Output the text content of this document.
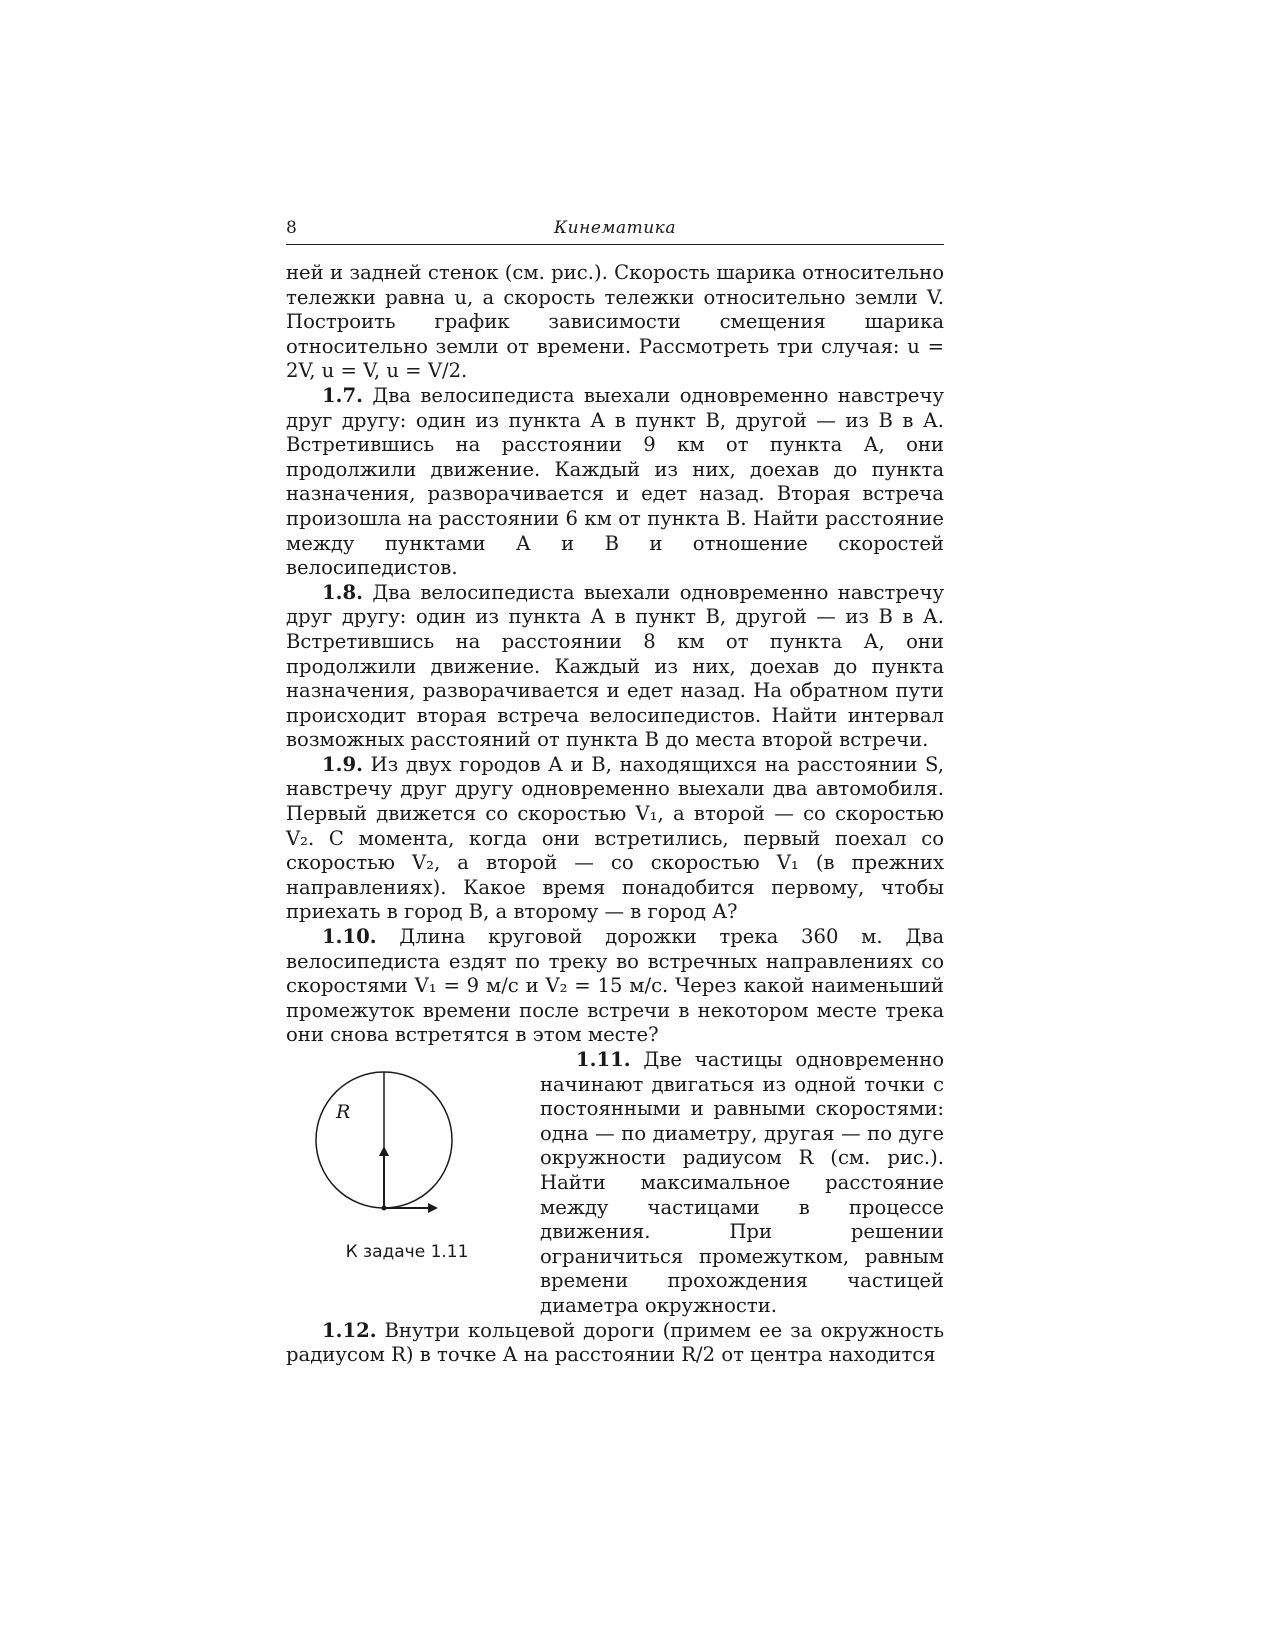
8	Кинематика

ней и задней стенок (см. рис.). Скорость шарика относительно тележки равна u, а скорость тележки относительно земли V. Построить график зависимости смещения шарика относительно земли от времени. Рассмотреть три случая: u = 2V, u = V, u = V/2.

1.7. Два велосипедиста выехали одновременно навстречу друг другу: один из пункта А в пункт В, другой — из В в А. Встретившись на расстоянии 9 км от пункта А, они продолжили движение. Каждый из них, доехав до пункта назначения, разворачивается и едет назад. Вторая встреча произошла на расстоянии 6 км от пункта В. Найти расстояние между пунктами А и В и отношение скоростей велосипедистов.

1.8. Два велосипедиста выехали одновременно навстречу друг другу: один из пункта А в пункт В, другой — из В в А. Встретившись на расстоянии 8 км от пункта А, они продолжили движение. Каждый из них, доехав до пункта назначения, разворачивается и едет назад. На обратном пути происходит вторая встреча велосипедистов. Найти интервал возможных расстояний от пункта В до места второй встречи.

1.9. Из двух городов А и В, находящихся на расстоянии S, навстречу друг другу одновременно выехали два автомобиля. Первый движется со скоростью V₁, а второй — со скоростью V₂. С момента, когда они встретились, первый поехал со скоростью V₂, а второй — со скоростью V₁ (в прежних направлениях). Какое время понадобится первому, чтобы приехать в город В, а второму — в город А?

1.10. Длина круговой дорожки трека 360 м. Два велосипедиста ездят по треку во встречных направлениях со скоростями V₁ = 9 м/с и V₂ = 15 м/с. Через какой наименьший промежуток времени после встречи в некотором месте трека они снова встретятся в этом месте?

R
К задаче 1.11

1.11. Две частицы одновременно начинают двигаться из одной точки с постоянными и равными скоростями: одна — по диаметру, другая — по дуге окружности радиусом R (см. рис.). Найти максимальное расстояние между частицами в процессе движения. При решении ограничиться промежутком, равным времени прохождения частицей диаметра окружности.

1.12. Внутри кольцевой дороги (примем ее за окружность радиусом R) в точке А на расстоянии R/2 от центра находится
